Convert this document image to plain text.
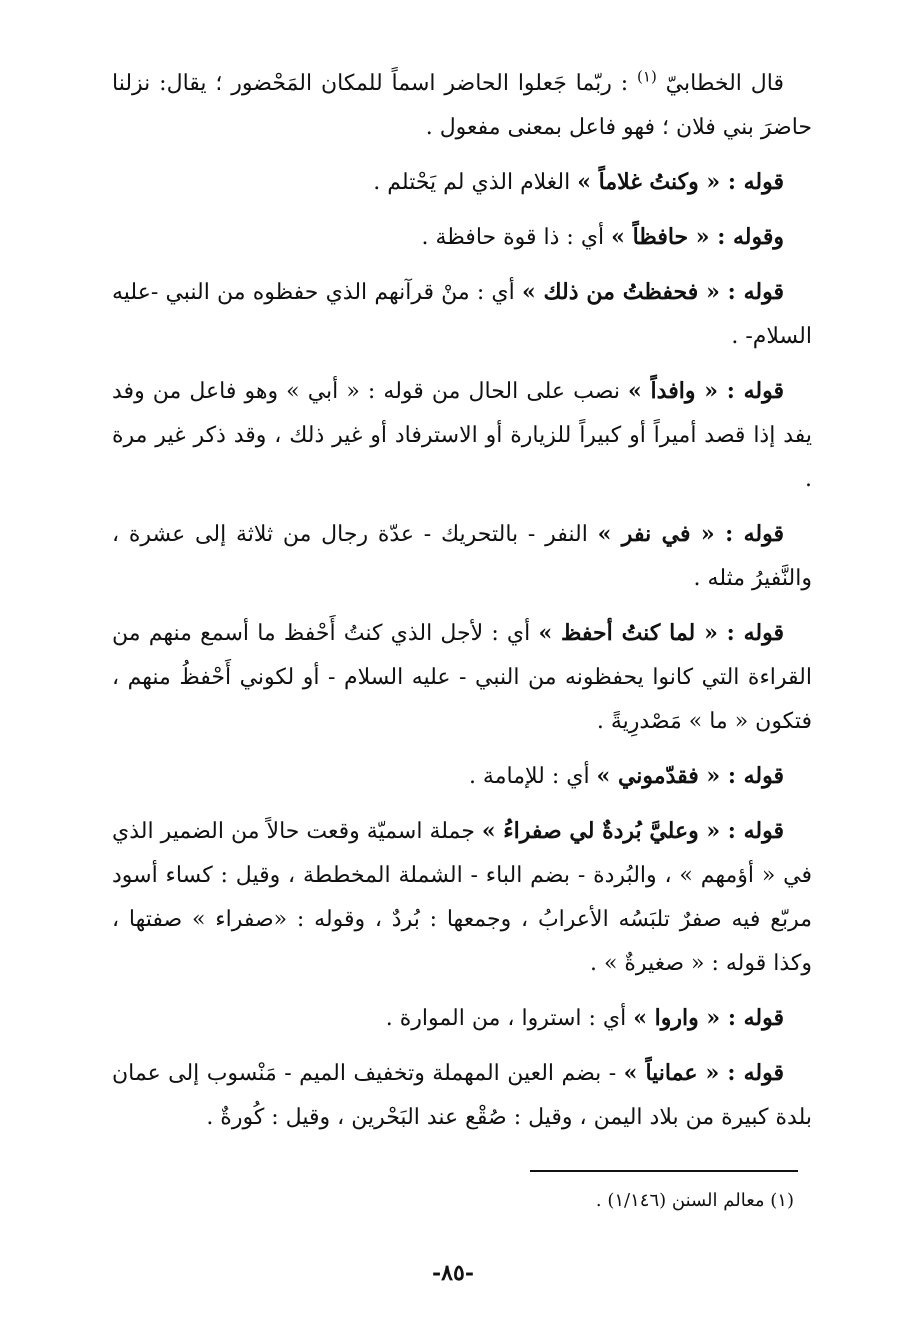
قال الخطابيّ $^{(١)}$ : ربّما جَعلوا الحاضر اسماً للمكان المَحْضور ؛ يقال: نزلنا حاضرَ بني فلان ؛ فهو فاعل بمعنى مفعول .

قوله : « وكنتُ غلاماً » الغلام الذي لم يَحْتلم .

وقوله : « حافظاً » أي : ذا قوة حافظة .

قوله : « فحفظتُ من ذلك » أي : منْ قرآنهم الذي حفظوه من النبي -عليه السلام- .

قوله : « وافداً » نصب على الحال من قوله : « أبي » وهو فاعل من وفد يفد إذا قصد أميراً أو كبيراً للزيارة أو الاسترفاد أو غير ذلك ، وقد ذكر غير مرة .

قوله : « في نفر » النفر - بالتحريك - عدّة رجال من ثلاثة إلى عشرة ، والنَّفيرُ مثله .

قوله : « لما كنتُ أحفظ » أي : لأجل الذي كنتُ أَحْفظ ما أسمع منهم من القراءة التي كانوا يحفظونه من النبي - عليه السلام - أو لكوني أَحْفظُ منهم ، فتكون « ما » مَصْدرِيةً .

قوله : « فقدّموني » أي : للإمامة .

قوله : « وعليَّ بُردةٌ لي صفراءُ » جملة اسميّة وقعت حالاً من الضمير الذي في « أؤمهم » ، والبُردة - بضم الباء - الشملة المخططة ، وقيل : كساء أسود مربّع فيه صفرٌ تلبَسُه الأعرابُ ، وجمعها : بُردٌ ، وقوله : «صفراء » صفتها ، وكذا قوله : « صغيرةٌ » .

قوله : « واروا » أي : استروا ، من الموارة .

قوله : « عمانياً » - بضم العين المهملة وتخفيف الميم - مَنْسوب إلى عمان بلدة كبيرة من بلاد اليمن ، وقيل : صُقْع عند البَحْرين ، وقيل : كُورةٌ .

(١) معالم السنن (١/١٤٦) .
-٨٥-
